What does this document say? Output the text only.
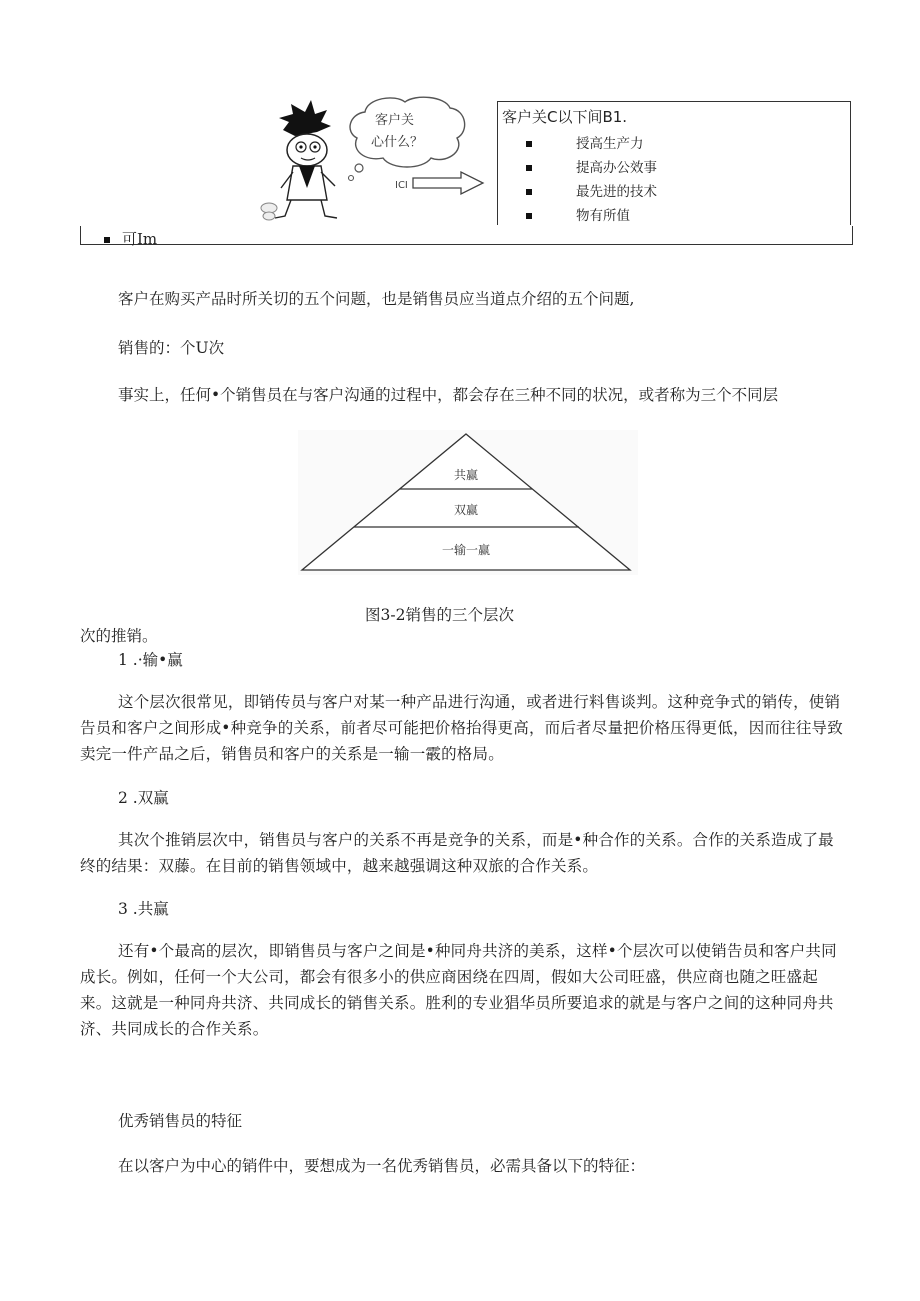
客户关
心什么？
ICI
客户关C以下间B1.
授高生产力
提高办公效事
最先进的技术
物有所值
可Im
客户在购买产品时所关切的五个问题，也是销售员应当道点介绍的五个问题,
销售的：个U次
事实上，任何•个销售员在与客户沟通的过程中，都会存在三种不同的状况，或者称为三个不同层
共赢
双赢
一输一赢
图3-2销售的三个层次
次的推销。
1 .·输•赢
这个层次很常见，即销传员与客户对某一种产品进行沟通，或者进行料售谈判。这种竞争式的销传，使销告员和客户之间形成•种竞争的关系，前者尽可能把价格抬得更高，而后者尽量把价格压得更低，因而往往导致卖完一件产品之后，销售员和客户的关系是一输一霰的格局。
2 .双赢
其次个推销层次中，销售员与客户的关系不再是竞争的关系，而是•种合作的关系。合作的关系造成了最终的结果：双藤。在目前的销售领域中，越来越强调这种双旅的合作关系。
3 .共赢
还有•个最高的层次，即销售员与客户之间是•种同舟共济的美系，这样•个层次可以使销告员和客户共同成长。例如，任何一个大公司，都会有很多小的供应商困绕在四周，假如大公司旺盛，供应商也随之旺盛起来。这就是一种同舟共济、共同成长的销售关系。胜利的专业猖华员所要追求的就是与客户之间的这种同舟共济、共同成长的合作关系。
优秀销售员的特征
在以客户为中心的销件中，要想成为一名优秀销售员，必需具备以下的特征：
